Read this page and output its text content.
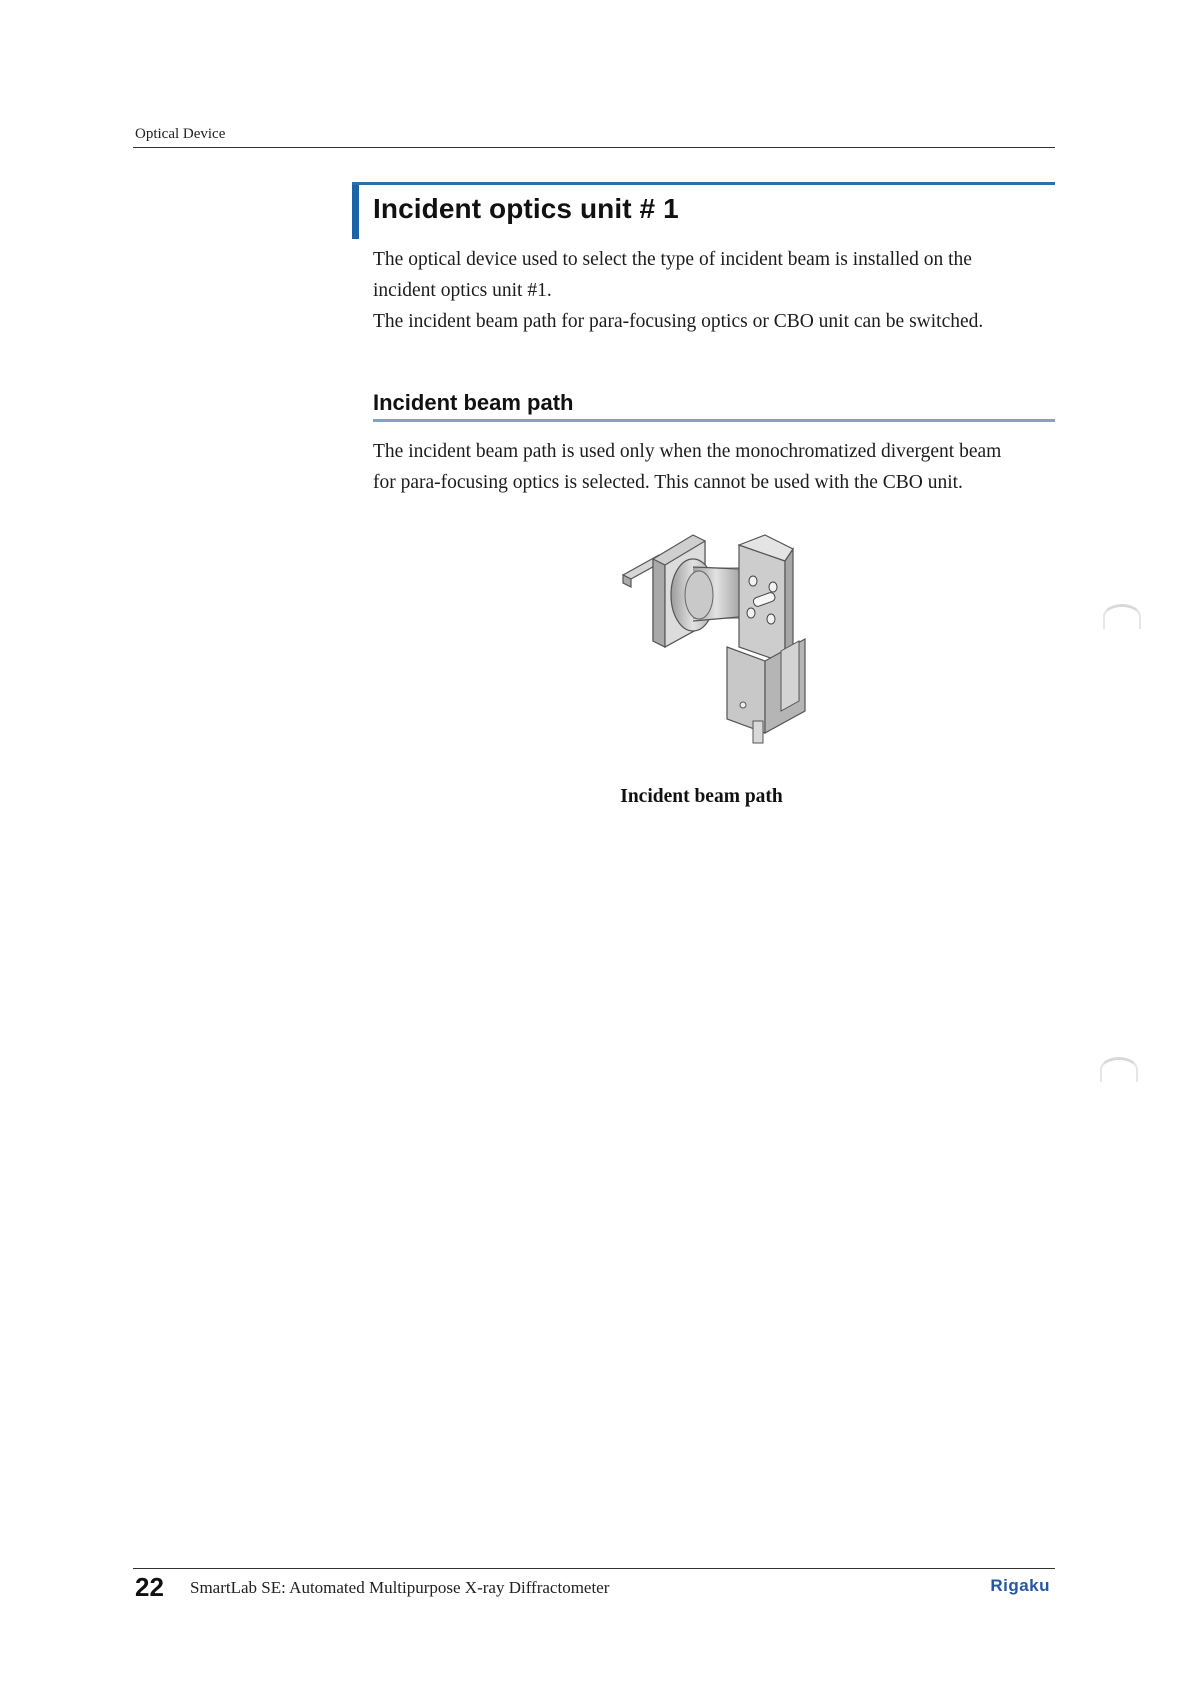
Optical Device
Incident optics unit # 1

The optical device used to select the type of incident beam is installed on the

incident optics unit #1.

The incident beam path for para-focusing optics or CBO unit can be switched.

Incident beam path

The incident beam path is used only when the monochromatized divergent beam

for para-focusing optics is selected. This cannot be used with the CBO unit.

Incident beam path
22 SmartLab SE: Automated Multipurpose X-ray Diffractometer	Rigaku
